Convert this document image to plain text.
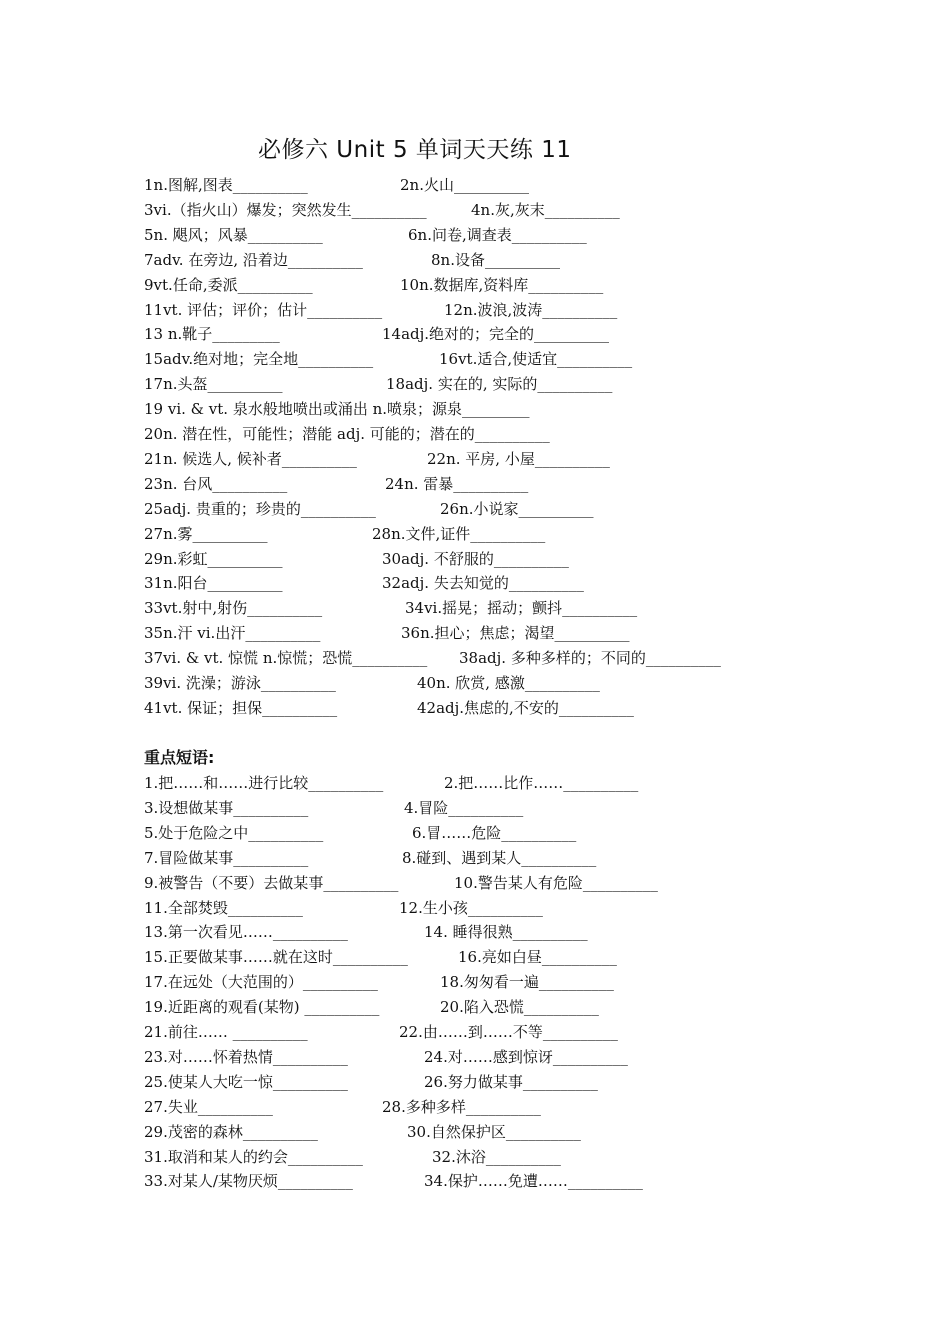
必修六 Unit 5 单词天天练 11
1n.图解,图表__________	2n.火山__________
3vi.（指火山）爆发；突然发生__________	4n.灰,灰末__________
5n. 飓风；风暴__________	6n.问卷,调查表__________
7adv. 在旁边, 沿着边__________	8n.设备__________
9vt.任命,委派__________	10n.数据库,资料库__________
11vt. 评估；评价；估计__________	12n.波浪,波涛__________
13 n.靴子_________	14adj.绝对的；完全的__________
15adv.绝对地；完全地__________	16vt.适合,使适宜__________
17n.头盔__________	18adj. 实在的, 实际的__________
19 vi. & vt. 泉水般地喷出或涌出 n.喷泉；源泉_________
20n. 潜在性，可能性；潜能 adj. 可能的；潜在的__________
21n. 候选人, 候补者__________	22n. 平房, 小屋__________
23n. 台风__________	24n. 雷暴__________
25adj. 贵重的；珍贵的__________	26n.小说家__________
27n.雾__________	28n.文件,证件__________
29n.彩虹__________	30adj. 不舒服的__________
31n.阳台__________	32adj. 失去知觉的__________
33vt.射中,射伤__________	34vi.摇晃；摇动；颤抖__________
35n.汗 vi.出汗__________	36n.担心；焦虑；渴望__________
37vi. & vt. 惊慌 n.惊慌；恐慌__________ 38adj. 多种多样的；不同的__________
39vi. 洗澡；游泳__________	40n. 欣赏, 感激__________
41vt. 保证；担保__________	42adj.焦虑的,不安的__________
重点短语:
1.把……和……进行比较__________	2.把……比作……__________
3.设想做某事__________	4.冒险__________
5.处于危险之中__________	6.冒……危险__________
7.冒险做某事__________	8.碰到、遇到某人__________
9.被警告（不要）去做某事__________	10.警告某人有危险__________
11.全部焚毁__________	12.生小孩__________
13.第一次看见……__________	14. 睡得很熟__________
15.正要做某事……就在这时__________	16.亮如白昼__________
17.在远处（大范围的）__________	18.匆匆看一遍__________
19.近距离的观看(某物) __________	20.陷入恐慌__________
21.前往…… __________	22.由……到……不等__________
23.对……怀着热情__________	24.对……感到惊讶__________
25.使某人大吃一惊__________	26.努力做某事__________
27.失业__________	28.多种多样__________
29.茂密的森林__________	30.自然保护区__________
31.取消和某人的约会__________	32.沐浴__________
33.对某人/某物厌烦__________	34.保护……免遭……__________
